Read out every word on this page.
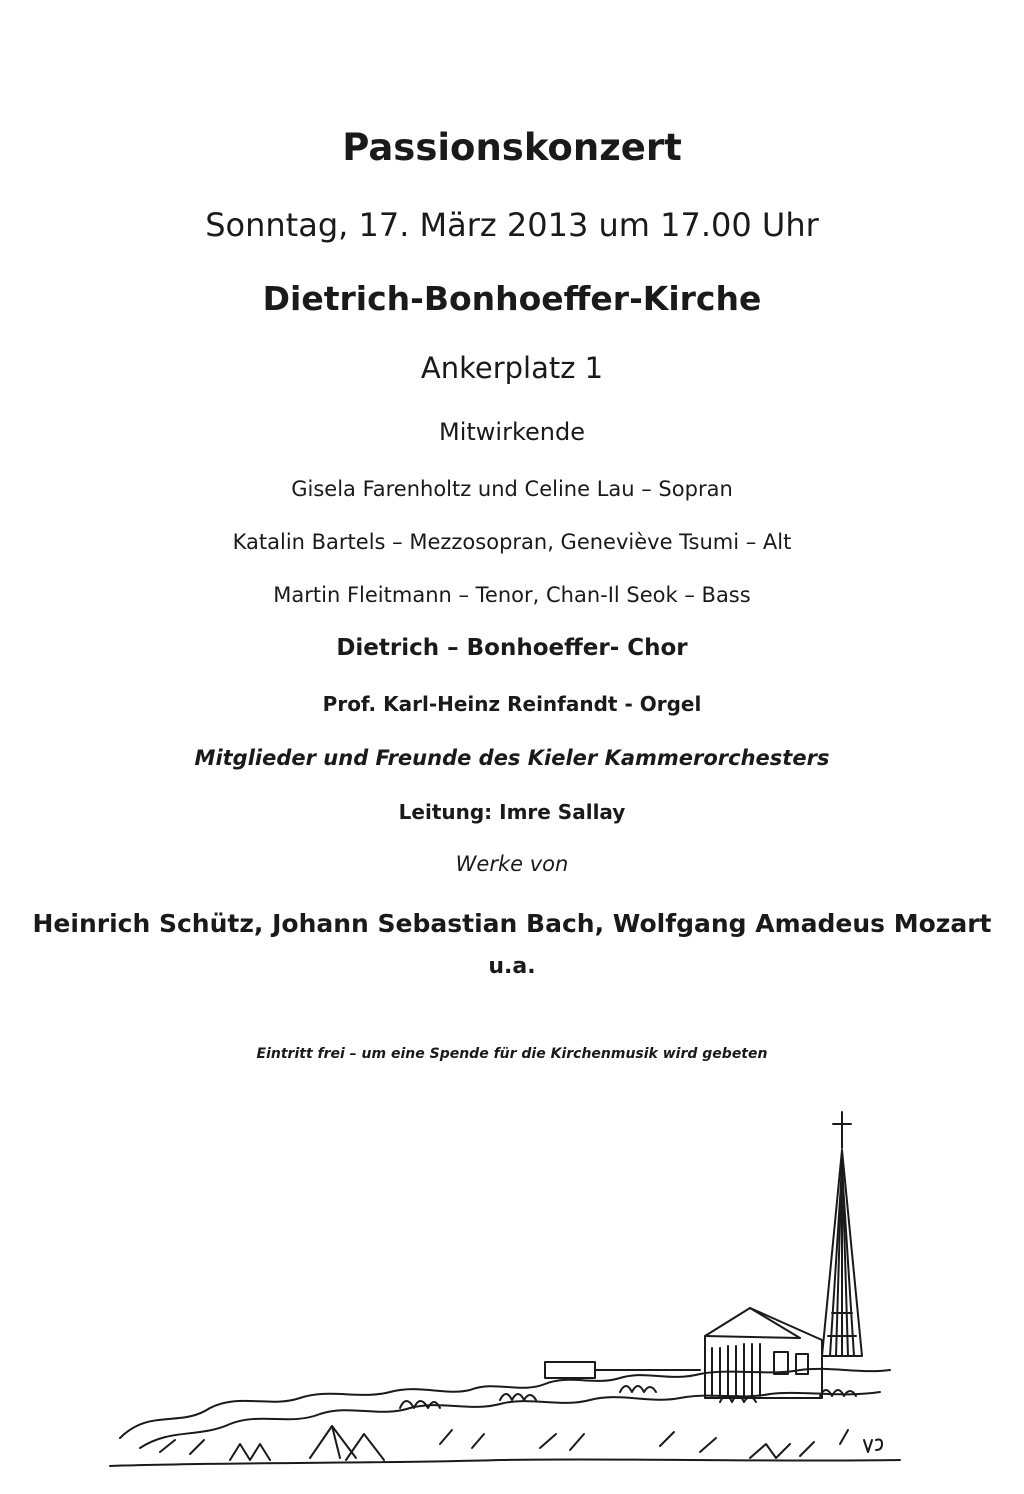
Passionskonzert
Sonntag, 17. März 2013 um 17.00 Uhr
Dietrich-Bonhoeffer-Kirche
Ankerplatz 1
Mitwirkende
Gisela Farenholtz und Celine Lau – Sopran
Katalin Bartels – Mezzosopran, Geneviève Tsumi – Alt
Martin Fleitmann – Tenor, Chan-Il Seok – Bass
Dietrich – Bonhoeffer- Chor
Prof. Karl-Heinz Reinfandt - Orgel
Mitglieder und Freunde des Kieler Kammerorchesters
Leitung: Imre Sallay
Werke von
Heinrich Schütz, Johann Sebastian Bach, Wolfgang Amadeus Mozart
u.a.
Eintritt frei – um eine Spende für die Kirchenmusik wird gebeten
